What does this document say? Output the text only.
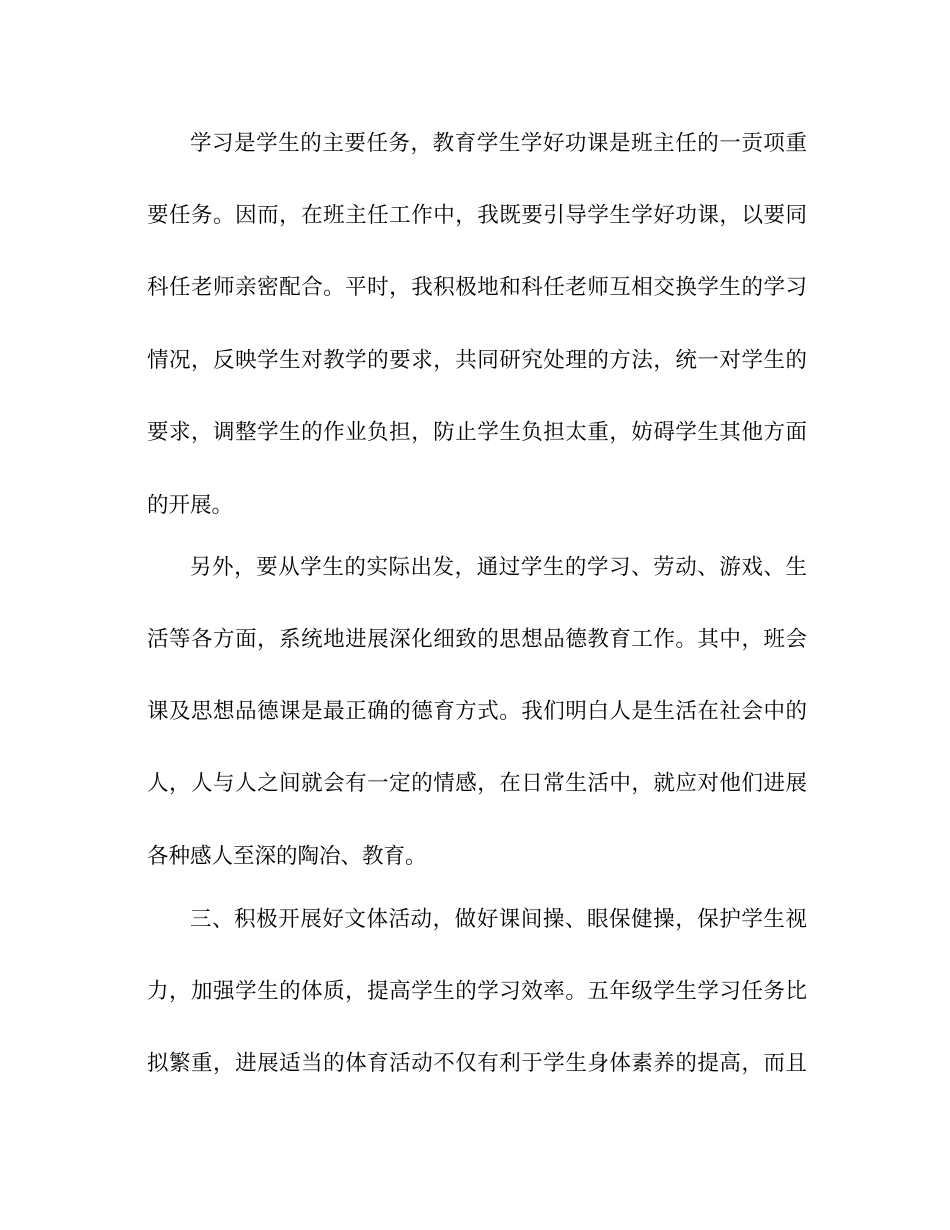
学习是学生的主要任务，教育学生学好功课是班主任的一贡项重
要任务。因而，在班主任工作中，我既要引导学生学好功课，以要同
科任老师亲密配合。平时，我积极地和科任老师互相交换学生的学习
情况，反映学生对教学的要求，共同研究处理的方法，统一对学生的
要求，调整学生的作业负担，防止学生负担太重，妨碍学生其他方面
的开展。
另外，要从学生的实际出发，通过学生的学习、劳动、游戏、生
活等各方面，系统地进展深化细致的思想品德教育工作。其中，班会
课及思想品德课是最正确的德育方式。我们明白人是生活在社会中的
人，人与人之间就会有一定的情感，在日常生活中，就应对他们进展
各种感人至深的陶冶、教育。
三、积极开展好文体活动，做好课间操、眼保健操，保护学生视
力，加强学生的体质，提高学生的学习效率。五年级学生学习任务比
拟繁重，进展适当的体育活动不仅有利于学生身体素养的提高，而且
